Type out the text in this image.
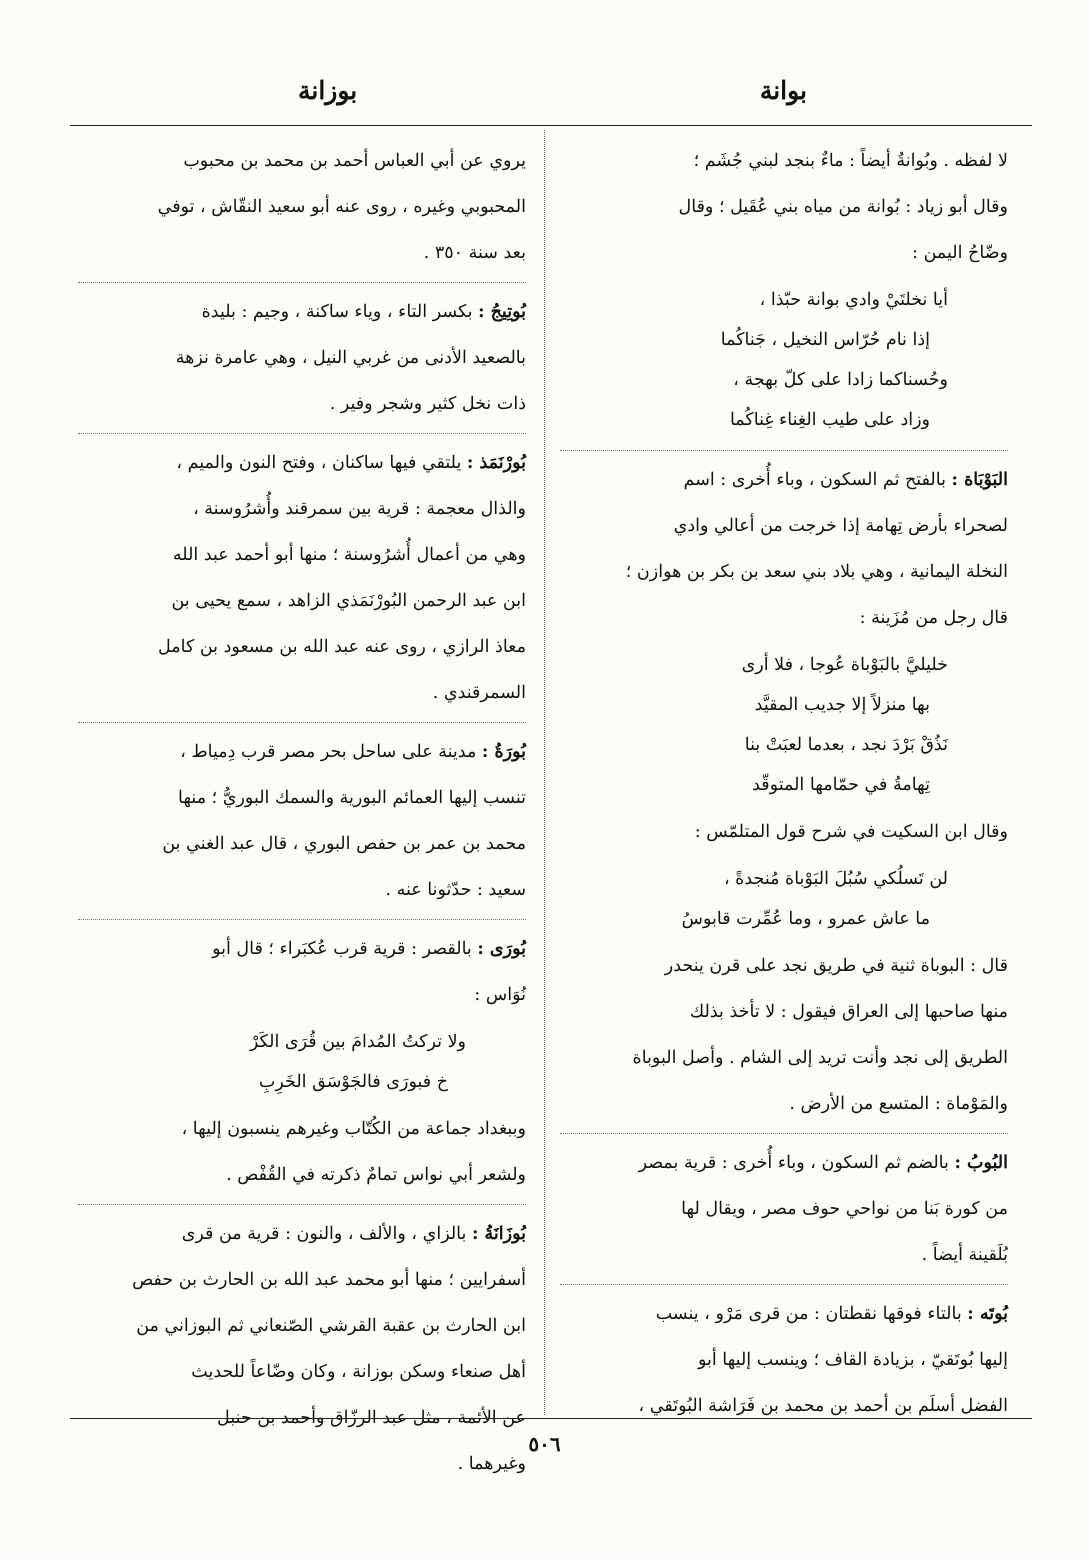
بوانة
بوزانة
لا لفظه . وبُوانةُ أيضاً : ماءٌ بنجد لبني جُشَم ؛
وقال أبو زياد : بُوانة من مياه بني عُقَيل ؛ وقال
وضّاحُ اليمن :
أيا نخلتَيْ وادي بوانة حبّذا ،
إذا نام حُرّاس النخيل ، جَناكُما
وحُسناكما زادا على كلّ بهجة ،
وزاد على طيب الغِناء غِناكُما
البَوْبَاة : بالفتح ثم السكون ، وباء أُخرى : اسم
لصحراء بأرض تِهامة إذا خرجت من أعالي وادي
النخلة اليمانية ، وهي بلاد بني سعد بن بكر بن هوازن ؛
قال رجل من مُزَينة :
خليليَّ بالبَوْباة عُوجا ، فلا أرى
بها منزلاً إلا جديب المقيَّد
نَذُقْ بَرْدَ نجد ، بعدما لعبَتْ بنا
تِهامةُ في حمّامها المتوقّد
وقال ابن السكيت في شرح قول المتلمّس :
لن تَسلُكي سُبُلَ البَوْباة مُنجدةً ،
ما عاش عمرو ، وما عُمِّرت قابوسُ
قال : البوباة ثنية في طريق نجد على قرن ينحدر
منها صاحبها إلى العراق فيقول : لا تأخذ بذلك
الطريق إلى نجد وأنت تريد إلى الشام . وأصل البوباة
والمَوْماة : المتسع من الأرض .
البُوبُ : بالضم ثم السكون ، وباء أُخرى : قرية بمصر
من كورة بَنا من نواحي حوف مصر ، ويقال لها
بُلَقينة أيضاً .
بُوتَه : بالتاء فوقها نقطتان : من قرى مَرْو ، ينسب
إليها بُوتَقيّ ، بزيادة القاف ؛ وينسب إليها أبو
الفضل أسلَم بن أحمد بن محمد بن فَرَاشة البُوتَقي ،
يروي عن أبي العباس أحمد بن محمد بن محبوب
المحبوبي وغيره ، روى عنه أبو سعيد النقّاش ، توفي
بعد سنة ٣٥٠ .
بُوتِيجُ : بكسر التاء ، وياء ساكنة ، وجيم : بليدة
بالصعيد الأدنى من غربي النيل ، وهي عامرة نزهة
ذات نخل كثير وشجر وفير .
بُورْنَمَذ : يلتقي فيها ساكنان ، وفتح النون والميم ،
والذال معجمة : قرية بين سمرقند وأُشرُوسنة ،
وهي من أعمال أُشرُوسنة ؛ منها أبو أحمد عبد الله
ابن عبد الرحمن البُورْنَمَذي الزاهد ، سمع يحيى بن
معاذ الرازي ، روى عنه عبد الله بن مسعود بن كامل
السمرقندي .
بُورَةُ : مدينة على ساحل بحر مصر قرب دِمياط ،
تنسب إليها العمائم البورية والسمك البوريُّ ؛ منها
محمد بن عمر بن حفص البوري ، قال عبد الغني بن
سعيد : حدّثونا عنه .
بُورَى : بالقصر : قرية قرب عُكبَراء ؛ قال أبو
نُوَاس :
ولا تركتُ المُدامَ بين قُرَى الكَرْ
خ فبورَى فالجَوْسَق الخَرِبِ
وببغداد جماعة من الكُتّاب وغيرهم ينسبون إليها ،
ولشعر أبي نواس تمامٌ ذكرته في القُفْص .
بُوزَانَةُ : بالزاي ، والألف ، والنون : قرية من قرى
أسفرايين ؛ منها أبو محمد عبد الله بن الحارث بن حفص
ابن الحارث بن عقبة القرشي الصّنعاني ثم البوزاني من
أهل صنعاء وسكن بوزانة ، وكان وضّاعاً للحديث
عن الأئمة ، مثل عبد الرزّاق وأحمد بن حنبل
وغيرهما .
٥٠٦
